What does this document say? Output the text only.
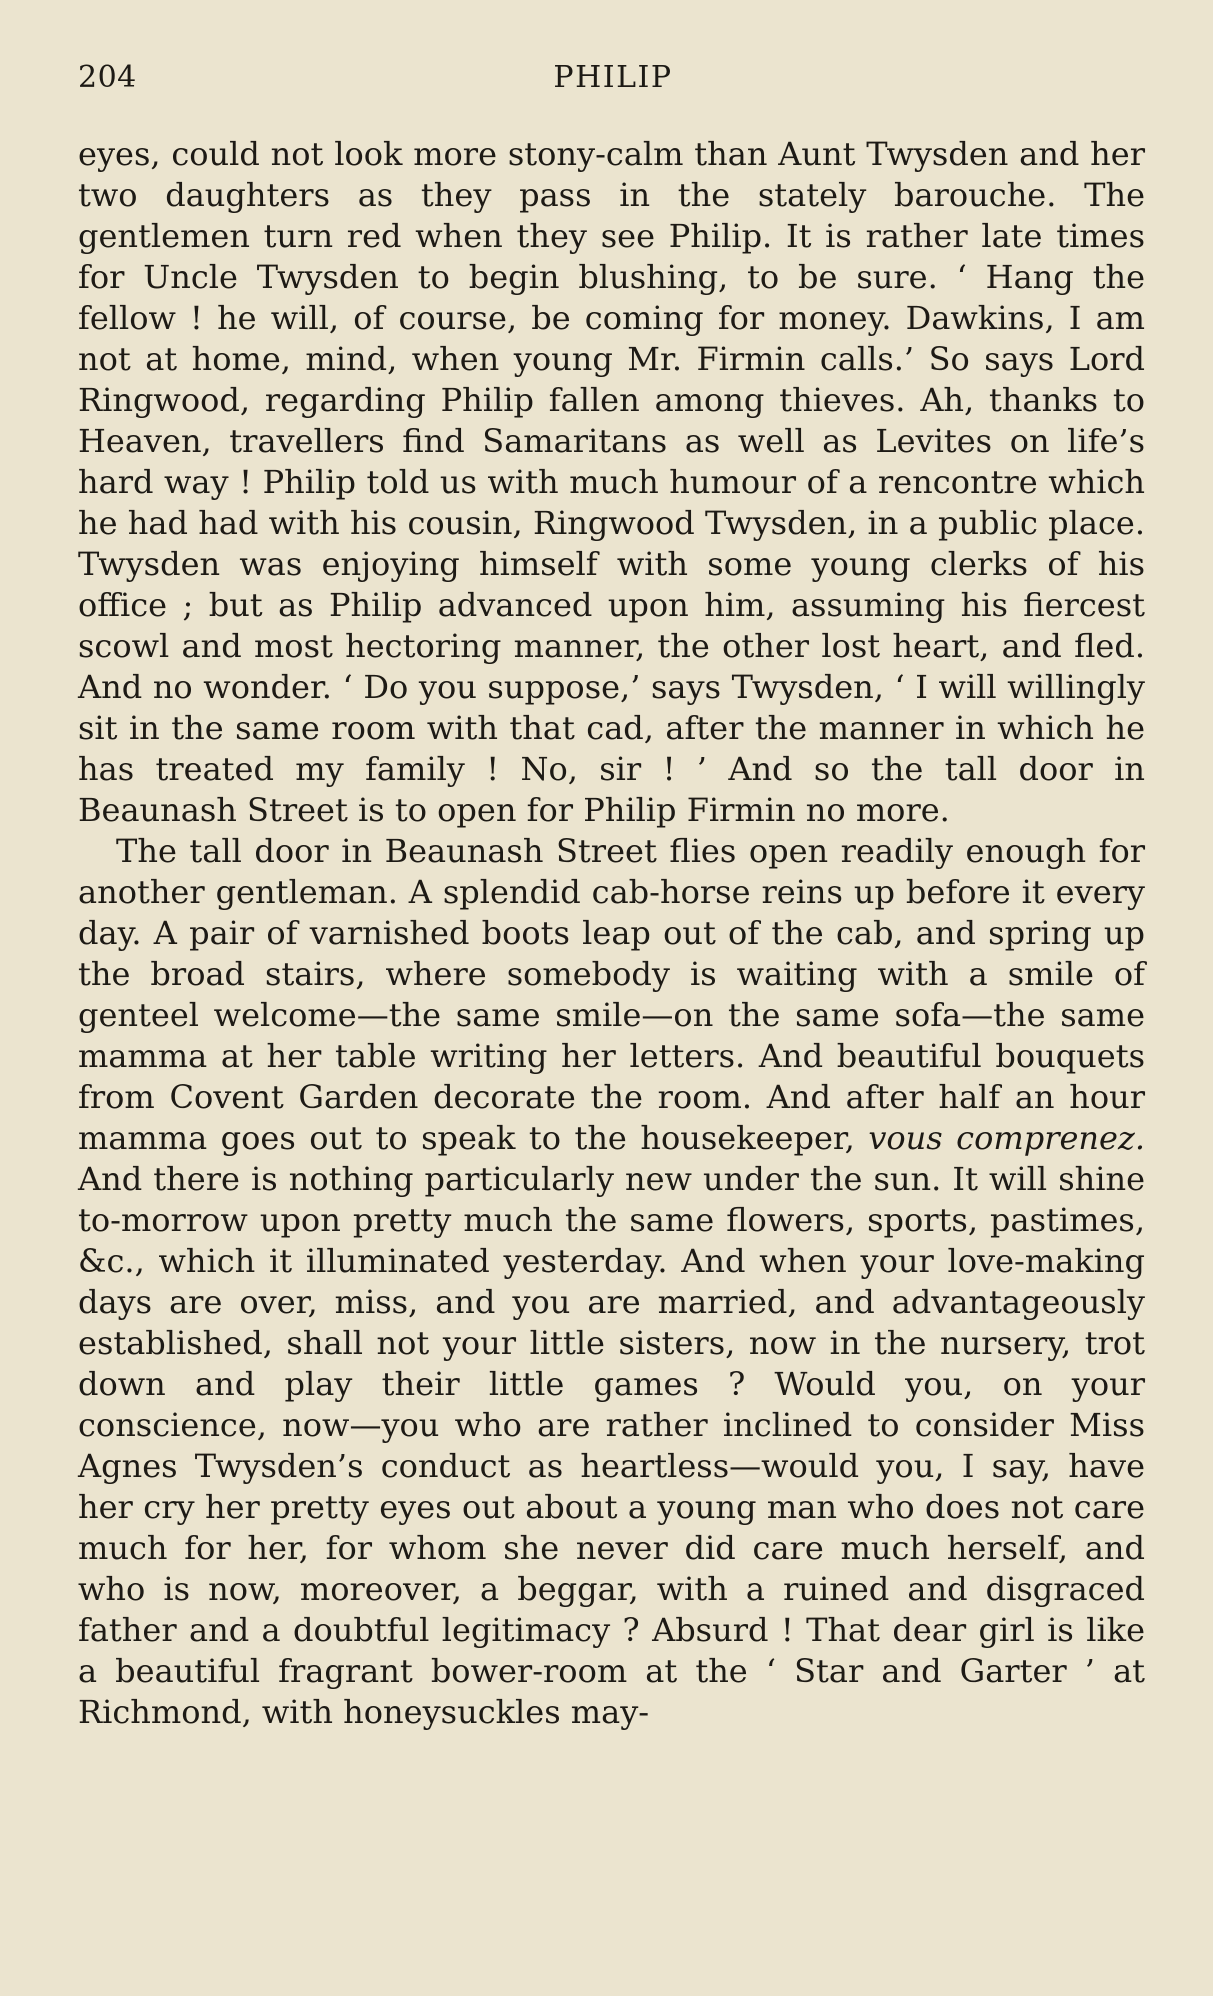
204	PHILIP

eyes, could not look more stony-calm than Aunt Twysden and her two daughters as they pass in the stately barouche. The gentlemen turn red when they see Philip. It is rather late times for Uncle Twysden to begin blushing, to be sure. ‘ Hang the fellow ! he will, of course, be coming for money. Dawkins, I am not at home, mind, when young Mr. Firmin calls.’ So says Lord Ringwood, regarding Philip fallen among thieves. Ah, thanks to Heaven, travellers find Samaritans as well as Levites on life’s hard way ! Philip told us with much humour of a rencontre which he had had with his cousin, Ringwood Twysden, in a public place. Twysden was enjoying himself with some young clerks of his office ; but as Philip advanced upon him, assuming his fiercest scowl and most hectoring manner, the other lost heart, and fled. And no wonder. ‘ Do you suppose,’ says Twysden, ‘ I will willingly sit in the same room with that cad, after the manner in which he has treated my family ! No, sir ! ’ And so the tall door in Beaunash Street is to open for Philip Firmin no more.

The tall door in Beaunash Street flies open readily enough for another gentleman. A splendid cab-horse reins up before it every day. A pair of varnished boots leap out of the cab, and spring up the broad stairs, where somebody is waiting with a smile of genteel welcome—the same smile—on the same sofa—the same mamma at her table writing her letters. And beautiful bouquets from Covent Garden decorate the room. And after half an hour mamma goes out to speak to the housekeeper, vous comprenez. And there is nothing particularly new under the sun. It will shine to-morrow upon pretty much the same flowers, sports, pastimes, &c., which it illuminated yesterday. And when your love-making days are over, miss, and you are married, and advantageously established, shall not your little sisters, now in the nursery, trot down and play their little games ? Would you, on your conscience, now—you who are rather inclined to consider Miss Agnes Twysden’s conduct as heartless—would you, I say, have her cry her pretty eyes out about a young man who does not care much for her, for whom she never did care much herself, and who is now, moreover, a beggar, with a ruined and disgraced father and a doubtful legitimacy ? Absurd ! That dear girl is like a beautiful fragrant bower-room at the ‘ Star and Garter ’ at Richmond, with honeysuckles may-
